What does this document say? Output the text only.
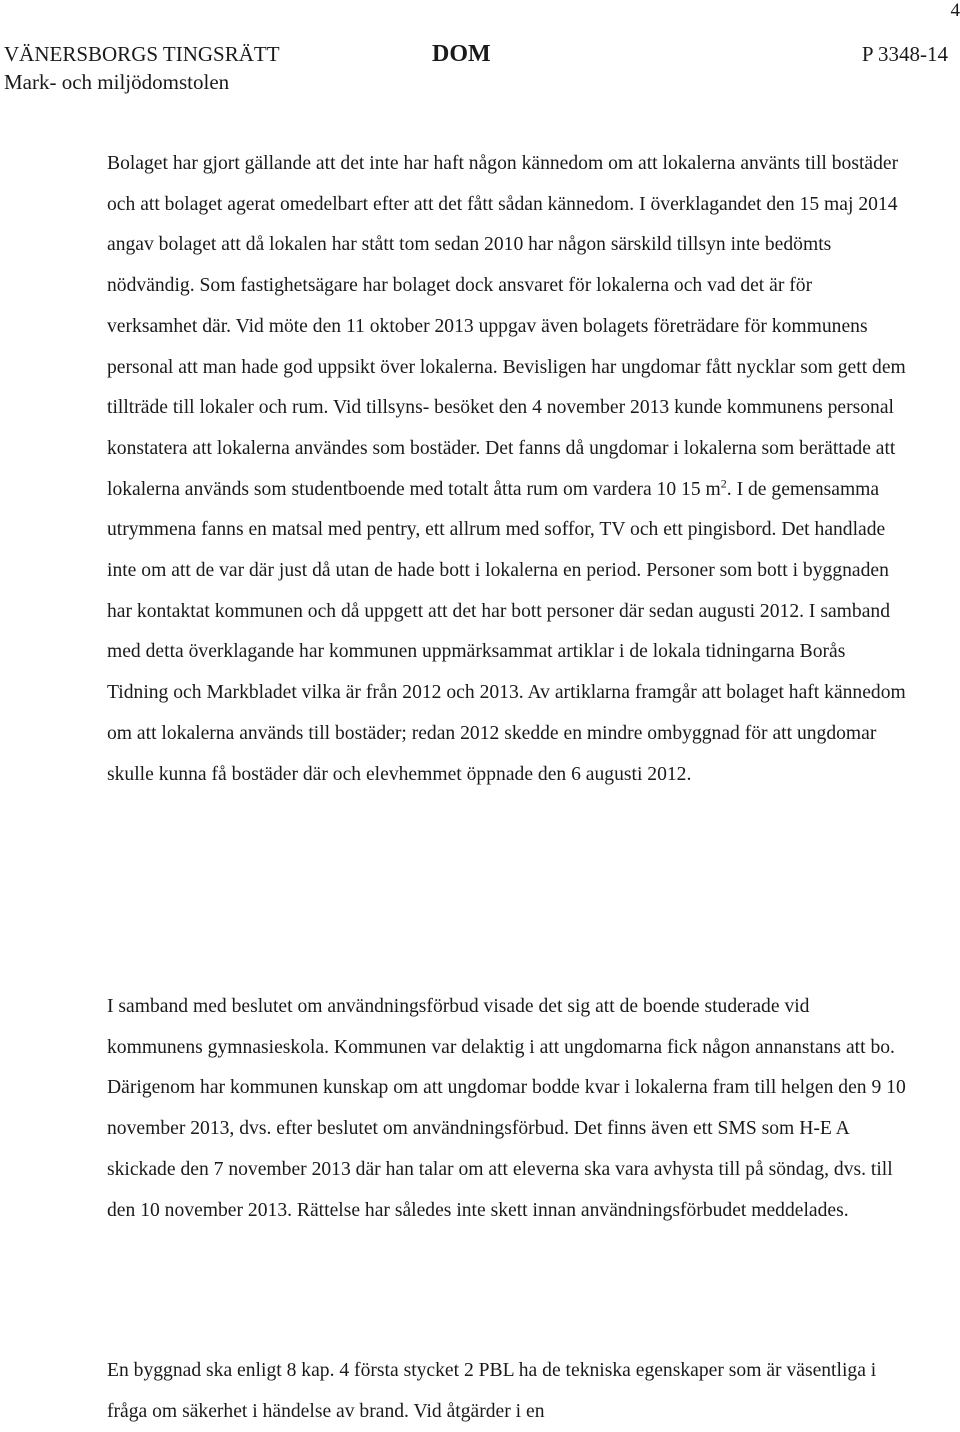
4
VÄNERSBORGS TINGSRÄTT
Mark- och miljödomstolen
DOM	P 3348-14

Bolaget har gjort gällande att det inte har haft någon kännedom om att lokalerna använts till bostäder och att bolaget agerat omedelbart efter att det fått sådan kännedom. I överklagandet den 15 maj 2014 angav bolaget att då lokalen har stått tom sedan 2010 har någon särskild tillsyn inte bedömts nödvändig. Som fastighetsägare har bolaget dock ansvaret för lokalerna och vad det är för verksamhet där. Vid möte den 11 oktober 2013 uppgav även bolagets företrädare för kommunens personal att man hade god uppsikt över lokalerna. Bevisligen har ungdomar fått nycklar som gett dem tillträde till lokaler och rum. Vid tillsyns- besöket den 4 november 2013 kunde kommunens personal konstatera att lokalerna användes som bostäder. Det fanns då ungdomar i lokalerna som berättade att lokalerna används som studentboende med totalt åtta rum om vardera 10 15 $m^2$. I de gemensamma utrymmena fanns en matsal med pentry, ett allrum med soffor, TV och ett pingisbord. Det handlade inte om att de var där just då utan de hade bott i lokalerna en period. Personer som bott i byggnaden har kontaktat kommunen och då uppgett att det har bott personer där sedan augusti 2012. I samband med detta överklagande har kommunen uppmärksammat artiklar i de lokala tidningarna Borås Tidning och Markbladet vilka är från 2012 och 2013. Av artiklarna framgår att bolaget haft kännedom om att lokalerna används till bostäder; redan 2012 skedde en mindre ombyggnad för att ungdomar skulle kunna få bostäder där och elevhemmet öppnade den 6 augusti 2012.

I samband med beslutet om användningsförbud visade det sig att de boende studerade vid kommunens gymnasieskola. Kommunen var delaktig i att ungdomarna fick någon annanstans att bo. Därigenom har kommunen kunskap om att ungdomar bodde kvar i lokalerna fram till helgen den 9 10 november 2013, dvs. efter beslutet om användningsförbud. Det finns även ett SMS som H-E A skickade den 7 november 2013 där han talar om att eleverna ska vara avhysta till på söndag, dvs. till den 10 november 2013. Rättelse har således inte skett innan användningsförbudet meddelades.

En byggnad ska enligt 8 kap. 4 första stycket 2 PBL ha de tekniska egenskaper som är väsentliga i fråga om säkerhet i händelse av brand. Vid åtgärder i en
